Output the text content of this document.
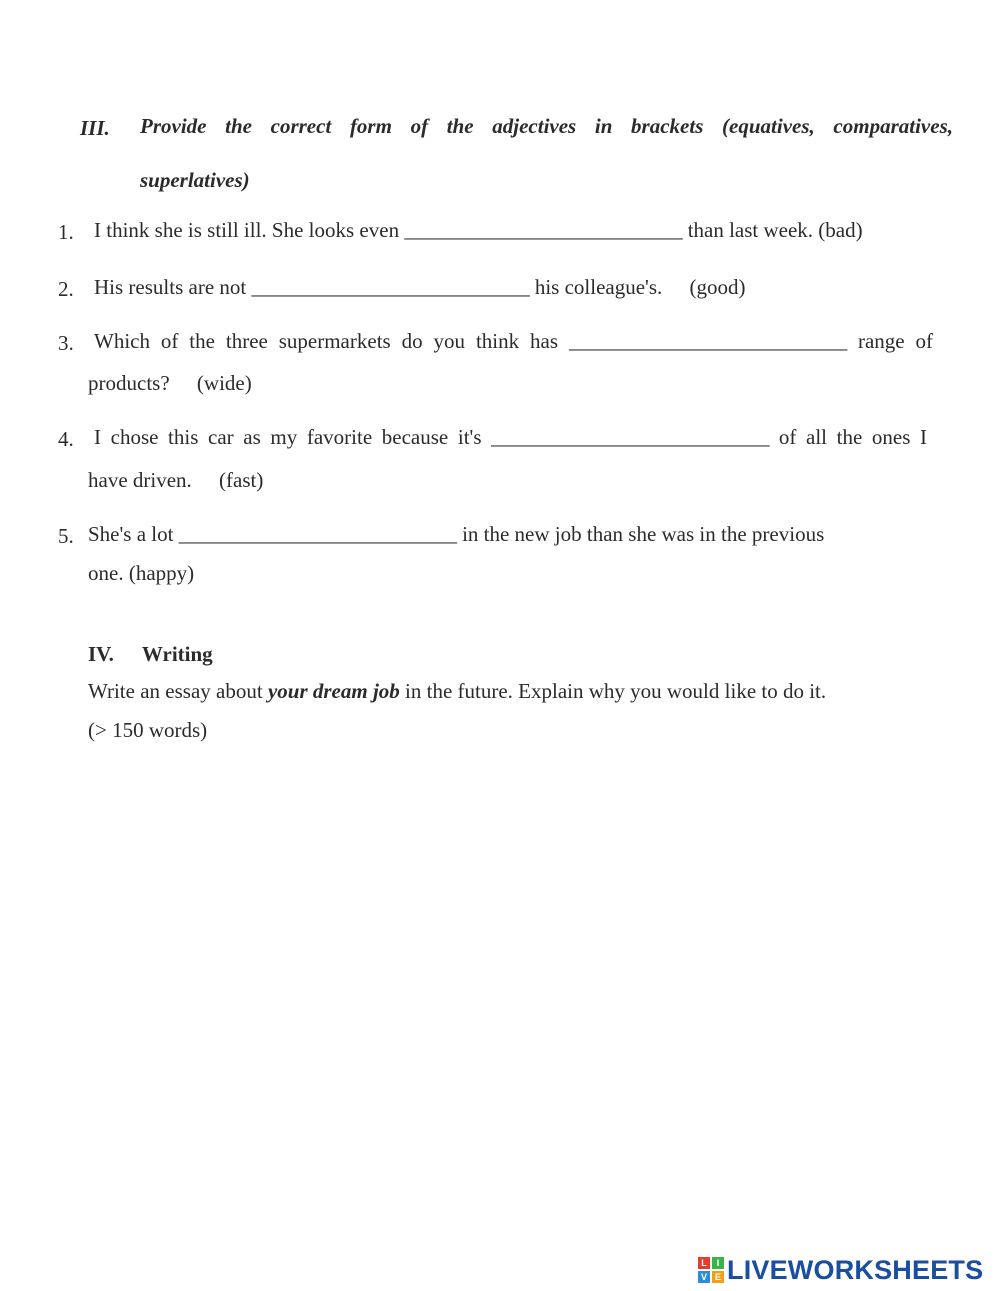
III. Provide the correct form of the adjectives in brackets (equatives, comparatives,
superlatives)
1. I think she is still ill. She looks even ___________________________ than last week. (bad)
2. His results are not ___________________________ his colleague's. (good)
3. Which of the three supermarkets do you think has ___________________________ range of
products? (wide)
4. I chose this car as my favorite because it's ___________________________ of all the ones I
have driven. (fast)
5. She's a lot ___________________________ in the new job than she was in the previous
one. (happy)
IV. Writing
Write an essay about your dream job in the future. Explain why you would like to do it.
(> 150 words)
L	I
V E LIVEWORKSHEETS
